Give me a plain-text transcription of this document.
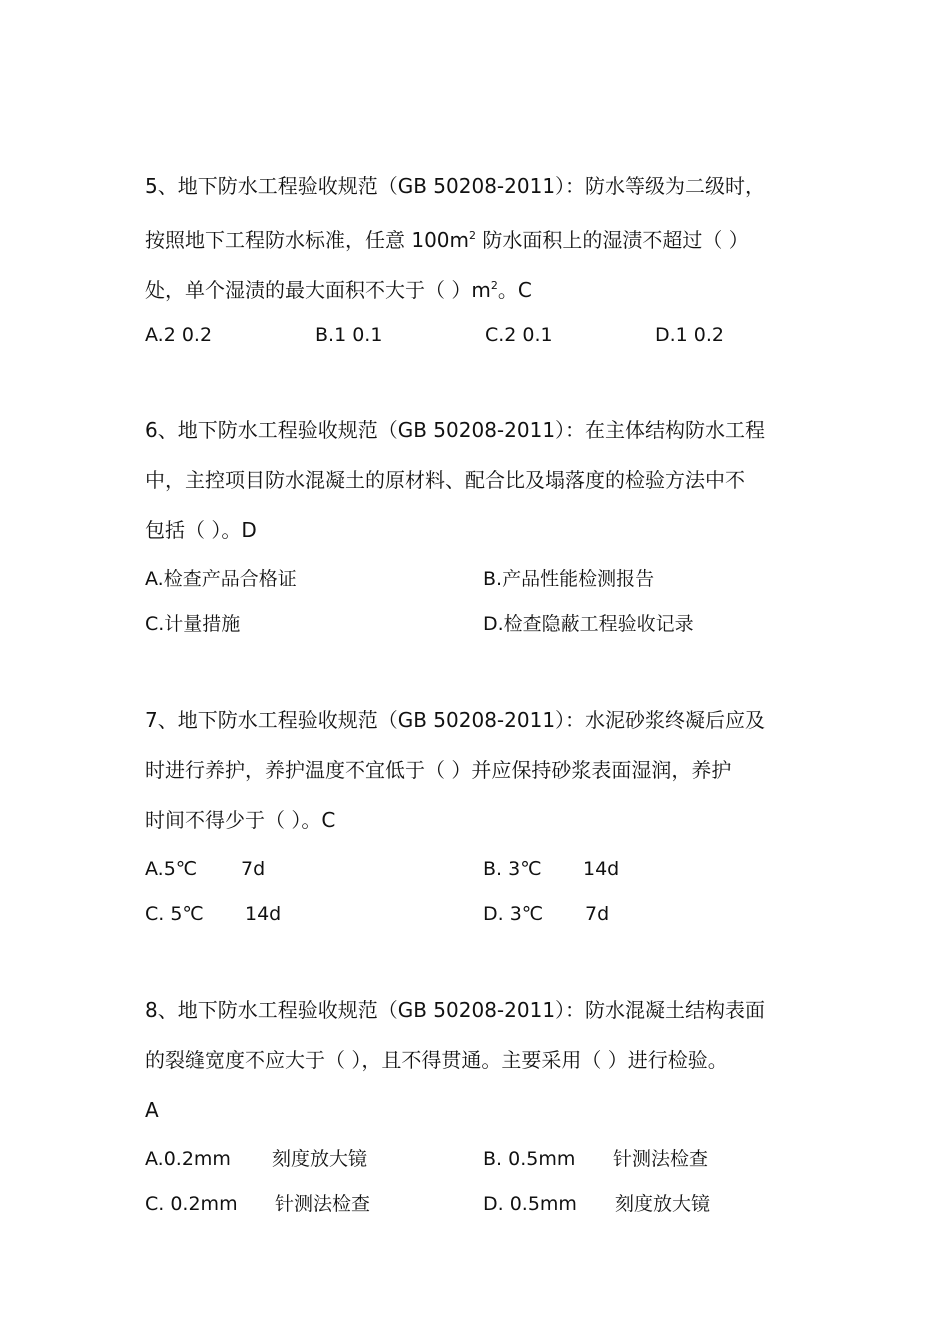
5、地下防水工程验收规范（GB 50208-2011）：防水等级为二级时，
按照地下工程防水标准，任意 $100m^2$ 防水面积上的湿渍不超过（ ）
处，单个湿渍的最大面积不大于（ ）$m^2$。C
A.2 0.2	B.1 0.1	C.2 0.1	D.1 0.2
6、地下防水工程验收规范（GB 50208-2011）：在主体结构防水工程
中，主控项目防水混凝土的原材料、配合比及塌落度的检验方法中不
包括（ ）。D
A.检查产品合格证	B.产品性能检测报告
C.计量措施	D.检查隐蔽工程验收记录
7、地下防水工程验收规范（GB 50208-2011）：水泥砂浆终凝后应及
时进行养护，养护温度不宜低于（ ）并应保持砂浆表面湿润，养护
时间不得少于（ ）。C
A.5℃ 7d	B. 3℃ 14d
C. 5℃ 14d	D. 3℃ 7d
8、地下防水工程验收规范（GB 50208-2011）：防水混凝土结构表面
的裂缝宽度不应大于（ ），且不得贯通。主要采用（ ）进行检验。
A
A.0.2mm 刻度放大镜	B. 0.5mm 针测法检查
C. 0.2mm 针测法检查	D. 0.5mm 刻度放大镜
